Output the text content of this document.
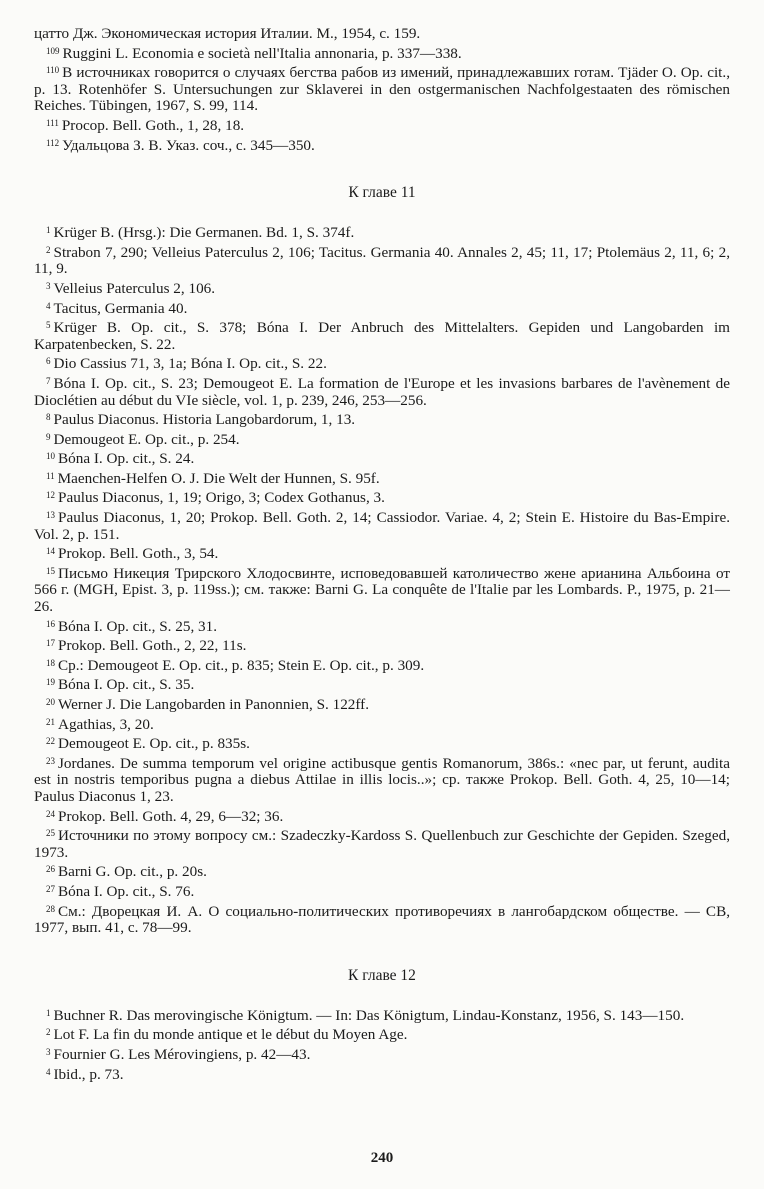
цатто Дж. Экономическая история Италии. М., 1954, с. 159.

$^{109}$ Ruggini L. Economia e società nell'Italia annonaria, p. 337—338.

$^{110}$ В источниках говорится о случаях бегства рабов из имений, принадлежавших готам. Tjäder O. Op. cit., p. 13. Rotenhöfer S. Untersuchungen zur Sklaverei in den ostgermanischen Nachfolgestaaten des römischen Reiches. Tübingen, 1967, S. 99, 114.

$^{111}$ Procop. Bell. Goth., 1, 28, 18.

$^{112}$ Удальцова З. В. Указ. соч., с. 345—350.

К главе 11

$^1$ Krüger B. (Hrsg.): Die Germanen. Bd. 1, S. 374f.

$^2$ Strabon 7, 290; Velleius Paterculus 2, 106; Tacitus. Germania 40. Annales 2, 45; 11, 17; Ptolemäus 2, 11, 6; 2, 11, 9.

$^3$ Velleius Paterculus 2, 106.

$^4$ Tacitus, Germania 40.

$^5$ Krüger B. Op. cit., S. 378; Bóna I. Der Anbruch des Mittelalters. Gepiden und Langobarden im Karpatenbecken, S. 22.

$^6$ Dio Cassius 71, 3, 1a; Bóna I. Op. cit., S. 22.

$^7$ Bóna I. Op. cit., S. 23; Demougeot E. La formation de l'Europe et les invasions barbares de l'avènement de Dioclétien au début du VIe siècle, vol. 1, p. 239, 246, 253—256.

$^8$ Paulus Diaconus. Historia Langobardorum, 1, 13.

$^9$ Demougeot E. Op. cit., p. 254.

$^{10}$ Bóna I. Op. cit., S. 24.

$^{11}$ Maenchen-Helfen O. J. Die Welt der Hunnen, S. 95f.

$^{12}$ Paulus Diaconus, 1, 19; Origo, 3; Codex Gothanus, 3.

$^{13}$ Paulus Diaconus, 1, 20; Prokop. Bell. Goth. 2, 14; Cassiodor. Variae. 4, 2; Stein E. Histoire du Bas-Empire. Vol. 2, p. 151.

$^{14}$ Prokop. Bell. Goth., 3, 54.

$^{15}$ Письмо Никеция Трирского Хлодосвинте, исповедовавшей католичество жене арианина Альбоина от 566 г. (MGH, Epist. 3, p. 119ss.); см. также: Barni G. La conquête de l'Italie par les Lombards. P., 1975, p. 21—26.

$^{16}$ Bóna I. Op. cit., S. 25, 31.

$^{17}$ Prokop. Bell. Goth., 2, 22, 11s.

$^{18}$ Ср.: Demougeot E. Op. cit., p. 835; Stein E. Op. cit., p. 309.

$^{19}$ Bóna I. Op. cit., S. 35.

$^{20}$ Werner J. Die Langobarden in Panonnien, S. 122ff.

$^{21}$ Agathias, 3, 20.

$^{22}$ Demougeot E. Op. cit., p. 835s.

$^{23}$ Jordanes. De summa temporum vel origine actibusque gentis Romanorum, 386s.: «nec par, ut ferunt, audita est in nostris temporibus pugna a diebus Attilae in illis locis..»; ср. также Prokop. Bell. Goth. 4, 25, 10—14; Paulus Diaconus 1, 23.

$^{24}$ Prokop. Bell. Goth. 4, 29, 6—32; 36.

$^{25}$ Источники по этому вопросу см.: Szadeczky-Kardoss S. Quellenbuch zur Geschichte der Gepiden. Szeged, 1973.

$^{26}$ Barni G. Op. cit., p. 20s.

$^{27}$ Bóna I. Op. cit., S. 76.

$^{28}$ См.: Дворецкая И. А. О социально-политических противоречиях в лангобардском обществе. — СВ, 1977, вып. 41, с. 78—99.

К главе 12

$^1$ Buchner R. Das merovingische Königtum. — In: Das Königtum, Lindau-Konstanz, 1956, S. 143—150.

$^2$ Lot F. La fin du monde antique et le début du Moyen Age.

$^3$ Fournier G. Les Mérovingiens, p. 42—43.

$^4$ Ibid., p. 73.

240
